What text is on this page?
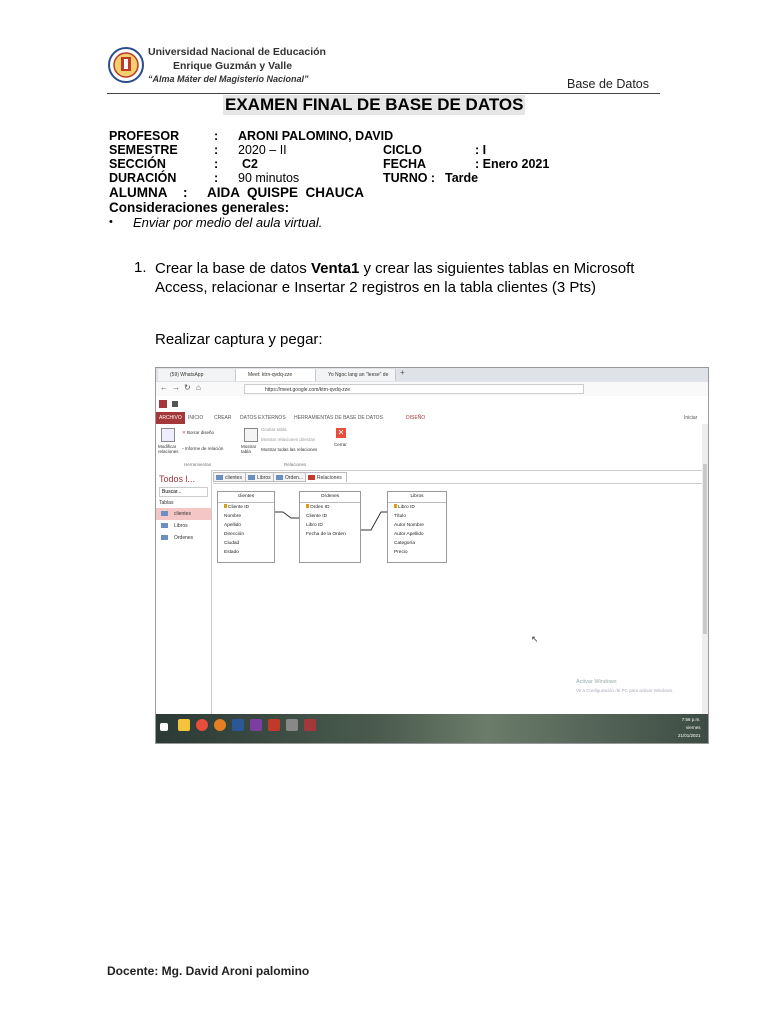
Universidad Nacional de Educación
Enrique Guzmán y Valle
“Alma Máter del Magisterio Nacional”	Base de Datos
EXAMEN FINAL DE BASE DE DATOS
PROFESOR	: ARONI PALOMINO, DAVID
SEMESTRE	: 2020 – II	CICLO	: I
SECCIÓN	: C2	FECHA	: Enero 2021
DURACIÓN	: 90 minutos	TURNO : Tarde
ALUMNA : AIDA  QUISPE  CHAUCA
Consideraciones generales:
• Enviar por medio del aula virtual.
1. Crear la base de datos Venta1 y crear las siguientes tablas en Microsoft Access, relacionar e Insertar 2 registros en la tabla clientes (3 Pts)
Realizar captura y pegar:
(59) WhatsApp	Meet: ktrn-qvdq-zze	Yo Ngoc lang an "leese" de	+
← → ↻ ⌂	https://meet.google.com/ktrn-qvdq-zze
ARCHIVO	INICIO CREAR DATOS EXTERNOS HERRAMIENTAS DE BASE DE DATOS	DISEÑO	Iniciar
Modificar relaciones
✕ Borrar diseño
▫ Informe de relación	Mostrar tabla
Ocultar tabla
Mostrar relaciones directas
Mostrar todas las relaciones
✕
Cerrar
Herramientas	Relaciones
Todos l...
Buscar...
Tablas
clientes
Libros
Ordenes
clientes	Libros	Orden...	Relaciones
clientes
Cliente ID
Nombre
Apellido
Dirección
Ciudad
Estado
Ordenes
Orden ID
Cliente ID
Libro ID
Fecha de la Orden
Libros
Libro ID
Título
Autor Nombre
Autor Apellido
Categoría
Precio
↖
Activar Windows
Ve a Configuración de PC para activar Windows.
7:56 p.m.
viernes
21/01/2021
Docente: Mg. David Aroni palomino
